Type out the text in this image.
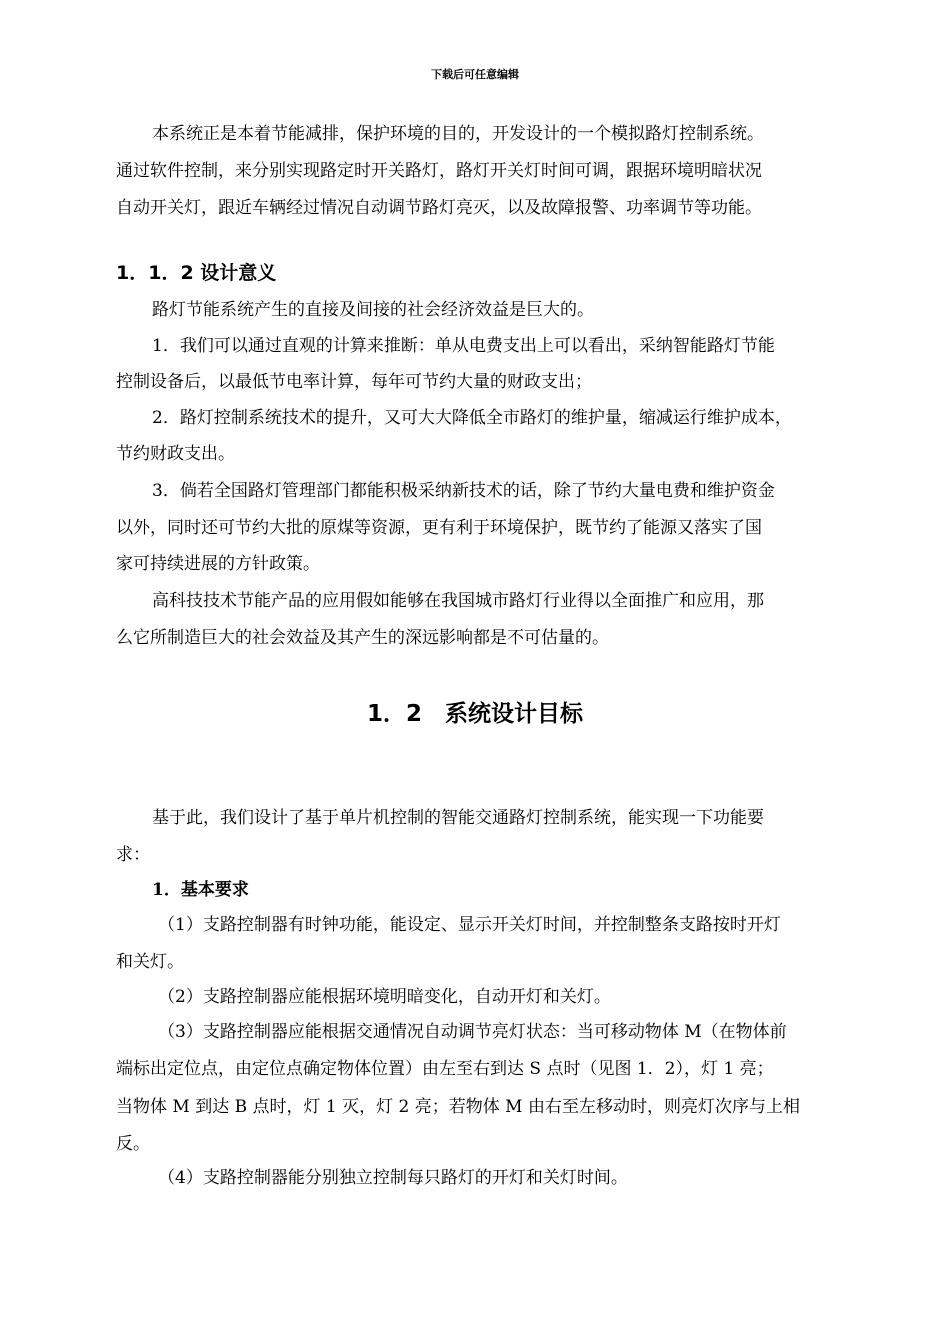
下载后可任意编辑
本系统正是本着节能减排，保护环境的目的，开发设计的一个模拟路灯控制系统。
通过软件控制，来分别实现路定时开关路灯，路灯开关灯时间可调，跟据环境明暗状况
自动开关灯，跟近车辆经过情况自动调节路灯亮灭，以及故障报警、功率调节等功能。
1．1．2 设计意义
路灯节能系统产生的直接及间接的社会经济效益是巨大的。
1．我们可以通过直观的计算来推断：单从电费支出上可以看出，采纳智能路灯节能
控制设备后，以最低节电率计算，每年可节约大量的财政支出；
2．路灯控制系统技术的提升，又可大大降低全市路灯的维护量，缩减运行维护成本，
节约财政支出。
3．倘若全国路灯管理部门都能积极采纳新技术的话，除了节约大量电费和维护资金
以外，同时还可节约大批的原煤等资源，更有利于环境保护，既节约了能源又落实了国
家可持续进展的方针政策。
高科技技术节能产品的应用假如能够在我国城市路灯行业得以全面推广和应用，那
么它所制造巨大的社会效益及其产生的深远影响都是不可估量的。
1．2　系统设计目标
基于此，我们设计了基于单片机控制的智能交通路灯控制系统，能实现一下功能要
求：
1．基本要求
（1）支路控制器有时钟功能，能设定、显示开关灯时间，并控制整条支路按时开灯
和关灯。
（2）支路控制器应能根据环境明暗变化，自动开灯和关灯。
（3）支路控制器应能根据交通情况自动调节亮灯状态：当可移动物体 M（在物体前
端标出定位点，由定位点确定物体位置）由左至右到达 S 点时（见图 1．2），灯 1 亮；
当物体 M 到达 B 点时，灯 1 灭，灯 2 亮；若物体 M 由右至左移动时，则亮灯次序与上相
反。
（4）支路控制器能分别独立控制每只路灯的开灯和关灯时间。
